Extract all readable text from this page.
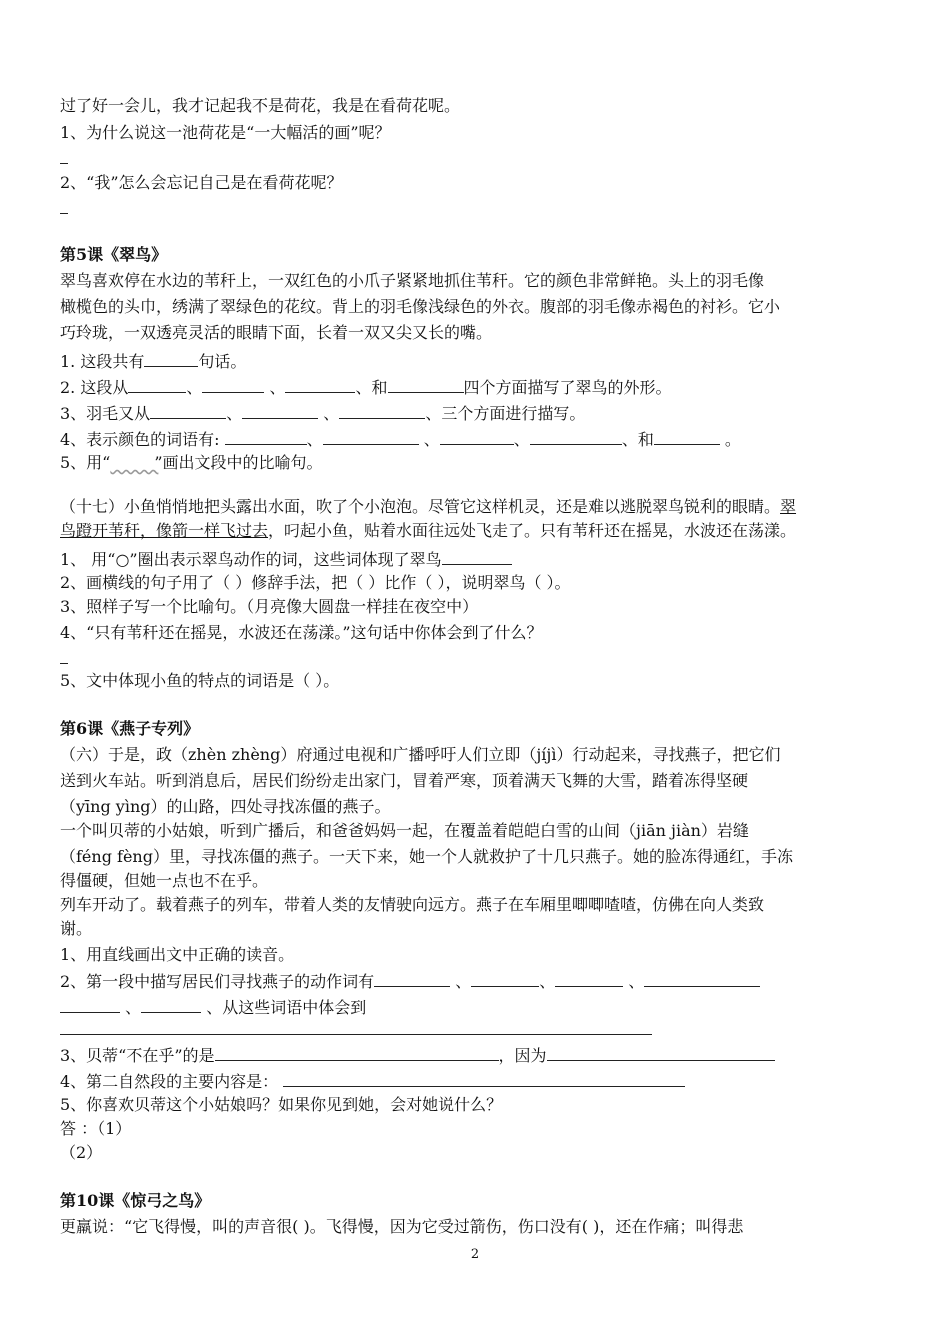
过了好一会儿，我才记起我不是荷花，我是在看荷花呢。
1、为什么说这一池荷花是“一大幅活的画”呢？
2、“我”怎么会忘记自己是在看荷花呢？
第5课《翠鸟》
翠鸟喜欢停在水边的苇秆上，一双红色的小爪子紧紧地抓住苇秆。它的颜色非常鲜艳。头上的羽毛像
橄榄色的头巾，绣满了翠绿色的花纹。背上的羽毛像浅绿色的外衣。腹部的羽毛像赤褐色的衬衫。它小
巧玲珑，一双透亮灵活的眼睛下面，长着一双又尖又长的嘴。
1. 这段共有	句话。
2. 这段从	、	、	、和	四个方面描写了翠鸟的外形。
3、羽毛又从	、	、	、三个方面进行描写。
4、表示颜色的词语有:	、	、	、	、和	。
5、用“　　　	”画出文段中的比喻句。
（十七）小鱼悄悄地把头露出水面，吹了个小泡泡。尽管它这样机灵，还是难以逃脱翠鸟锐利的眼睛。翠
鸟蹬开苇秆，像箭一样飞过去，叼起小鱼，贴着水面往远处飞走了。只有苇秆还在摇晃，水波还在荡漾。
1、 用“○”圈出表示翠鸟动作的词，这些词体现了翠鸟
2、画横线的句子用了（ ）修辞手法，把（ ）比作（ ），说明翠鸟（ ）。
3、照样子写一个比喻句。（月亮像大圆盘一样挂在夜空中）
4、“只有苇秆还在摇晃，水波还在荡漾。”这句话中你体会到了什么？
5、文中体现小鱼的特点的词语是（ ）。
第6课《燕子专列》
（六）于是，政（zhèn zhèng）府通过电视和广播呼吁人们立即（jíjì）行动起来，寻找燕子，把它们
送到火车站。听到消息后，居民们纷纷走出家门，冒着严寒，顶着满天飞舞的大雪，踏着冻得坚硬
（yīng yìng）的山路，四处寻找冻僵的燕子。
一个叫贝蒂的小姑娘，听到广播后，和爸爸妈妈一起，在覆盖着皑皑白雪的山间（jiān jiàn）岩缝
（féng fèng）里，寻找冻僵的燕子。一天下来，她一个人就救护了十几只燕子。她的脸冻得通红，手冻
得僵硬，但她一点也不在乎。
列车开动了。载着燕子的列车，带着人类的友情驶向远方。燕子在车厢里唧唧喳喳，仿佛在向人类致
谢。
1、用直线画出文中正确的读音。
2、第一段中描写居民们寻找燕子的动作词有	、	、	、
、	、从这些词语中体会到
3、贝蒂“不在乎”的是	，因为
4、第二自然段的主要内容是：
5、你喜欢贝蒂这个小姑娘吗？如果你见到她，会对她说什么？
答 ：（1）
（2）
第10课《惊弓之鸟》
更羸说：“它飞得慢，叫的声音很( )。飞得慢，因为它受过箭伤，伤口没有( )，还在作痛；叫得悲
2
